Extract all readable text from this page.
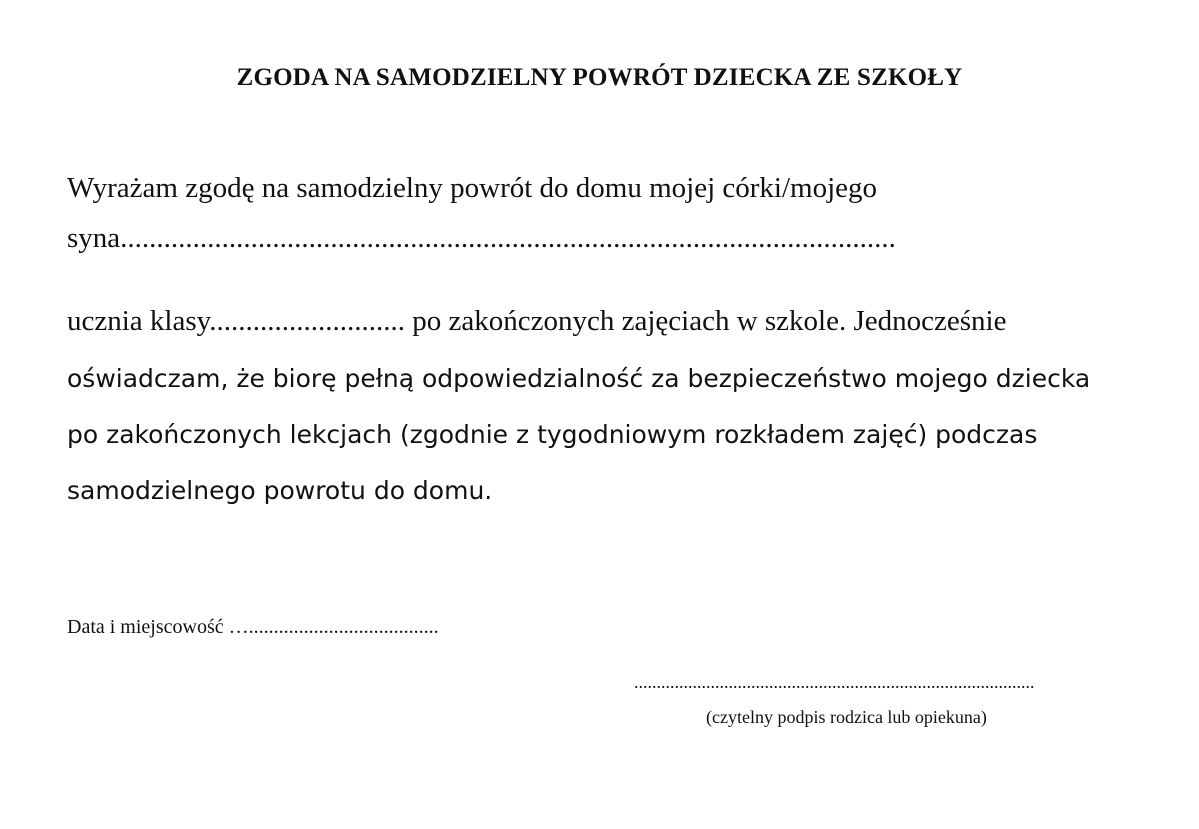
ZGODA NA SAMODZIELNY POWRÓT DZIECKA ZE SZKOŁY
Wyrażam zgodę na samodzielny powrót do domu mojej córki/mojego
syna...........................................................................................................
ucznia klasy........................... po zakończonych zajęciach w szkole. Jednocześnie
oświadczam, że biorę pełną odpowiedzialność za bezpieczeństwo mojego dziecka
po zakończonych lekcjach (zgodnie z tygodniowym rozkładem zajęć) podczas
samodzielnego powrotu do domu.
Data i miejscowość …......................................
.........................................................................................
(czytelny podpis rodzica lub opiekuna)
